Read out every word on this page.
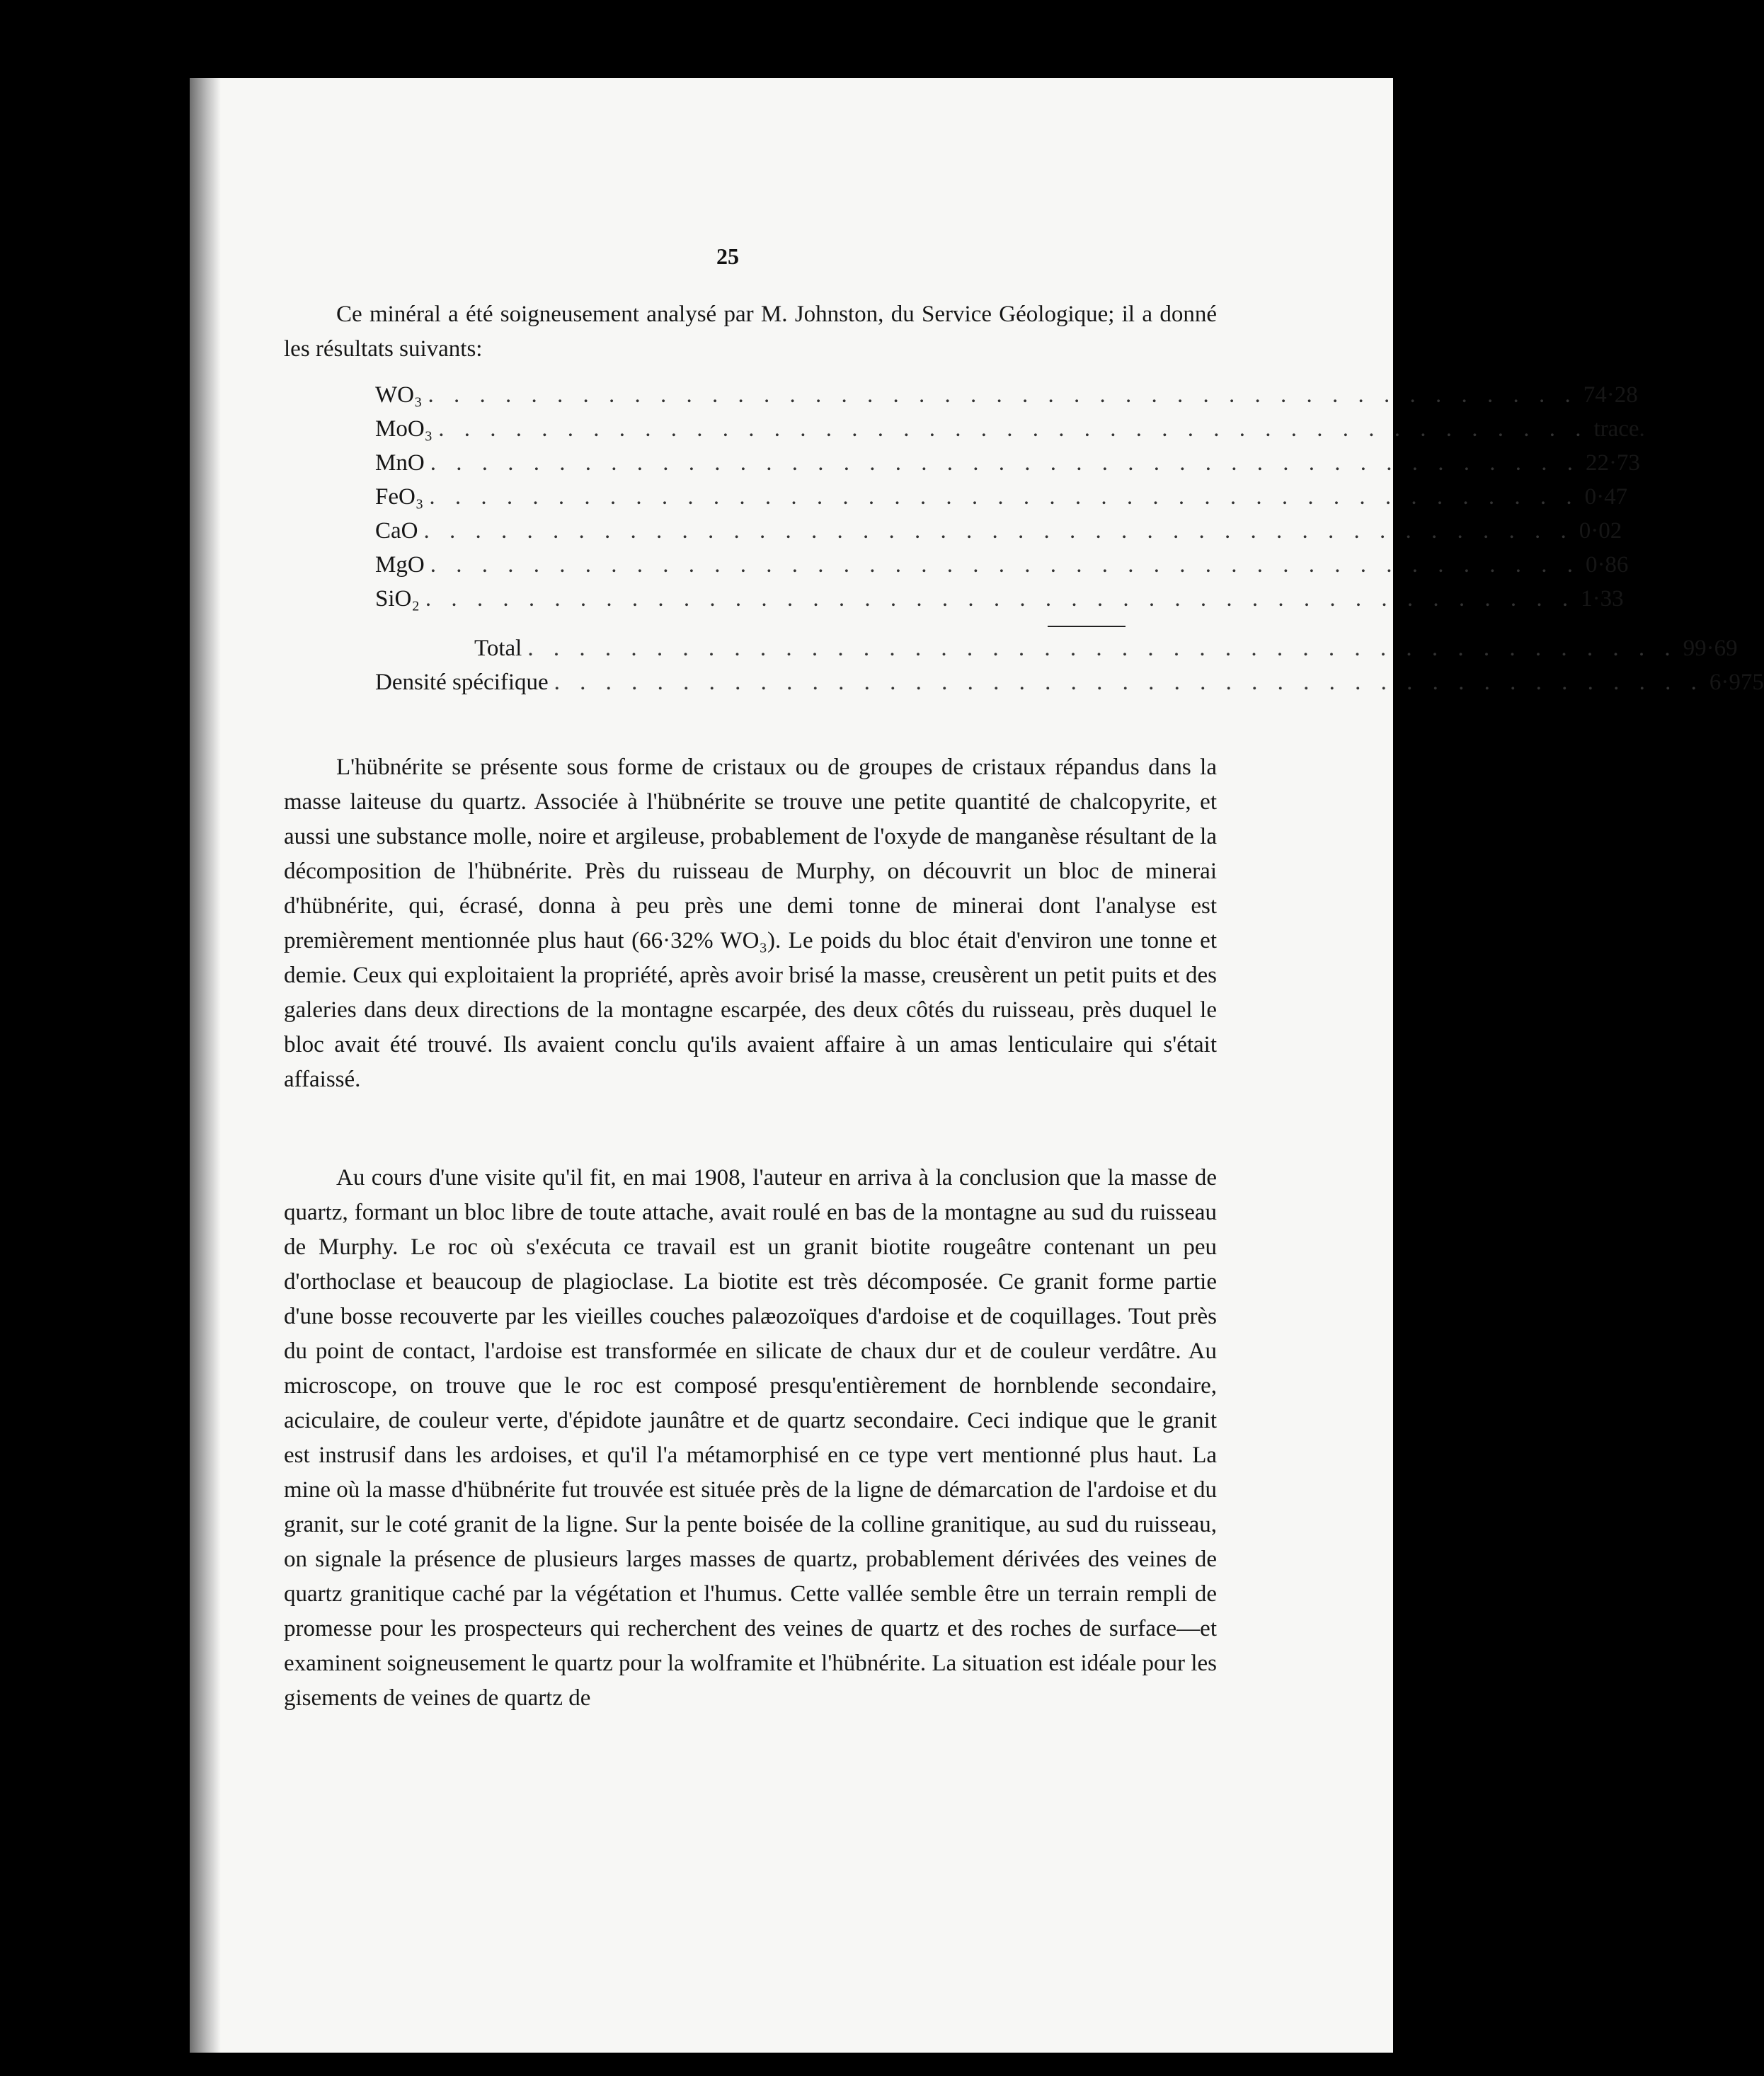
25

Ce minéral a été soigneusement analysé par M. Johnston, du Service Géologique; il a donné les résultats suivants:

WO₃ . . . . . . . . . . . . . . . . . . . . . . . . . . . . . . . . . . . . . . . . . . . . . 74·28
MoO₃ . . . . . . . . . . . . . . . . . . . . . . . . . . . . . . . . . . . . . . . . . . . . . trace.
MnO . . . . . . . . . . . . . . . . . . . . . . . . . . . . . . . . . . . . . . . . . . . . . 22·73
FeO₃ . . . . . . . . . . . . . . . . . . . . . . . . . . . . . . . . . . . . . . . . . . . . . 0·47
CaO . . . . . . . . . . . . . . . . . . . . . . . . . . . . . . . . . . . . . . . . . . . . . 0·02
MgO . . . . . . . . . . . . . . . . . . . . . . . . . . . . . . . . . . . . . . . . . . . . . 0·86
SiO₂ . . . . . . . . . . . . . . . . . . . . . . . . . . . . . . . . . . . . . . . . . . . . . 1·33
Total . . . . . . . . . . . . . . . . . . . . . . . . . . . . . . . . . . . . . . . . . . . . . 99·69
Densité spécifique . . . . . . . . . . . . . . . . . . . . . . . . . . . . . . . . . . . . . . . . . . . . . 6·975

L'hübnérite se présente sous forme de cristaux ou de groupes de cristaux répandus dans la masse laiteuse du quartz. Associée à l'hübnérite se trouve une petite quantité de chalcopyrite, et aussi une substance molle, noire et argileuse, probablement de l'oxyde de manganèse résultant de la décomposition de l'hübnérite. Près du ruisseau de Murphy, on découvrit un bloc de minerai d'hübnérite, qui, écrasé, donna à peu près une demi tonne de minerai dont l'analyse est premièrement mentionnée plus haut (66·32% WO₃). Le poids du bloc était d'environ une tonne et demie. Ceux qui exploitaient la propriété, après avoir brisé la masse, creusèrent un petit puits et des galeries dans deux directions de la montagne escarpée, des deux côtés du ruisseau, près duquel le bloc avait été trouvé. Ils avaient conclu qu'ils avaient affaire à un amas lenticulaire qui s'était affaissé.

Au cours d'une visite qu'il fit, en mai 1908, l'auteur en arriva à la conclusion que la masse de quartz, formant un bloc libre de toute attache, avait roulé en bas de la montagne au sud du ruisseau de Murphy. Le roc où s'exécuta ce travail est un granit biotite rougeâtre contenant un peu d'orthoclase et beaucoup de plagioclase. La biotite est très décomposée. Ce granit forme partie d'une bosse recouverte par les vieilles couches palæozoïques d'ardoise et de coquillages. Tout près du point de contact, l'ardoise est transformée en silicate de chaux dur et de couleur verdâtre. Au microscope, on trouve que le roc est composé presqu'entièrement de hornblende secondaire, aciculaire, de couleur verte, d'épidote jaunâtre et de quartz secondaire. Ceci indique que le granit est instrusif dans les ardoises, et qu'il l'a métamorphisé en ce type vert mentionné plus haut. La mine où la masse d'hübnérite fut trouvée est située près de la ligne de démarcation de l'ardoise et du granit, sur le coté granit de la ligne. Sur la pente boisée de la colline granitique, au sud du ruisseau, on signale la présence de plusieurs larges masses de quartz, probablement dérivées des veines de quartz granitique caché par la végétation et l'humus. Cette vallée semble être un terrain rempli de promesse pour les prospecteurs qui recherchent des veines de quartz et des roches de surface—et examinent soigneusement le quartz pour la wolframite et l'hübnérite. La situation est idéale pour les gisements de veines de quartz de
